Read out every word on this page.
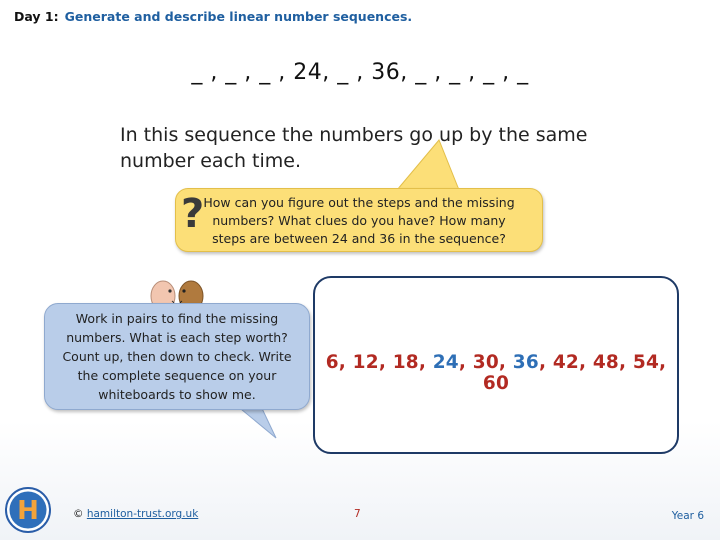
Day 1: Generate and describe linear number sequences.
_ , _ , _ , 24, _ , 36, _ , _ , _ , _
In this sequence the numbers go up by the same number each time.
? How can you figure out the steps and the missing numbers? What clues do you have? How many steps are between 24 and 36 in the sequence?
Work in pairs to find the missing numbers. What is each step worth? Count up, then down to check. Write the complete sequence on your whiteboards to show me.
6, 12, 18, 24, 30, 36, 42, 48, 54, 60
H	© hamilton-trust.org.uk	7	Year 6
